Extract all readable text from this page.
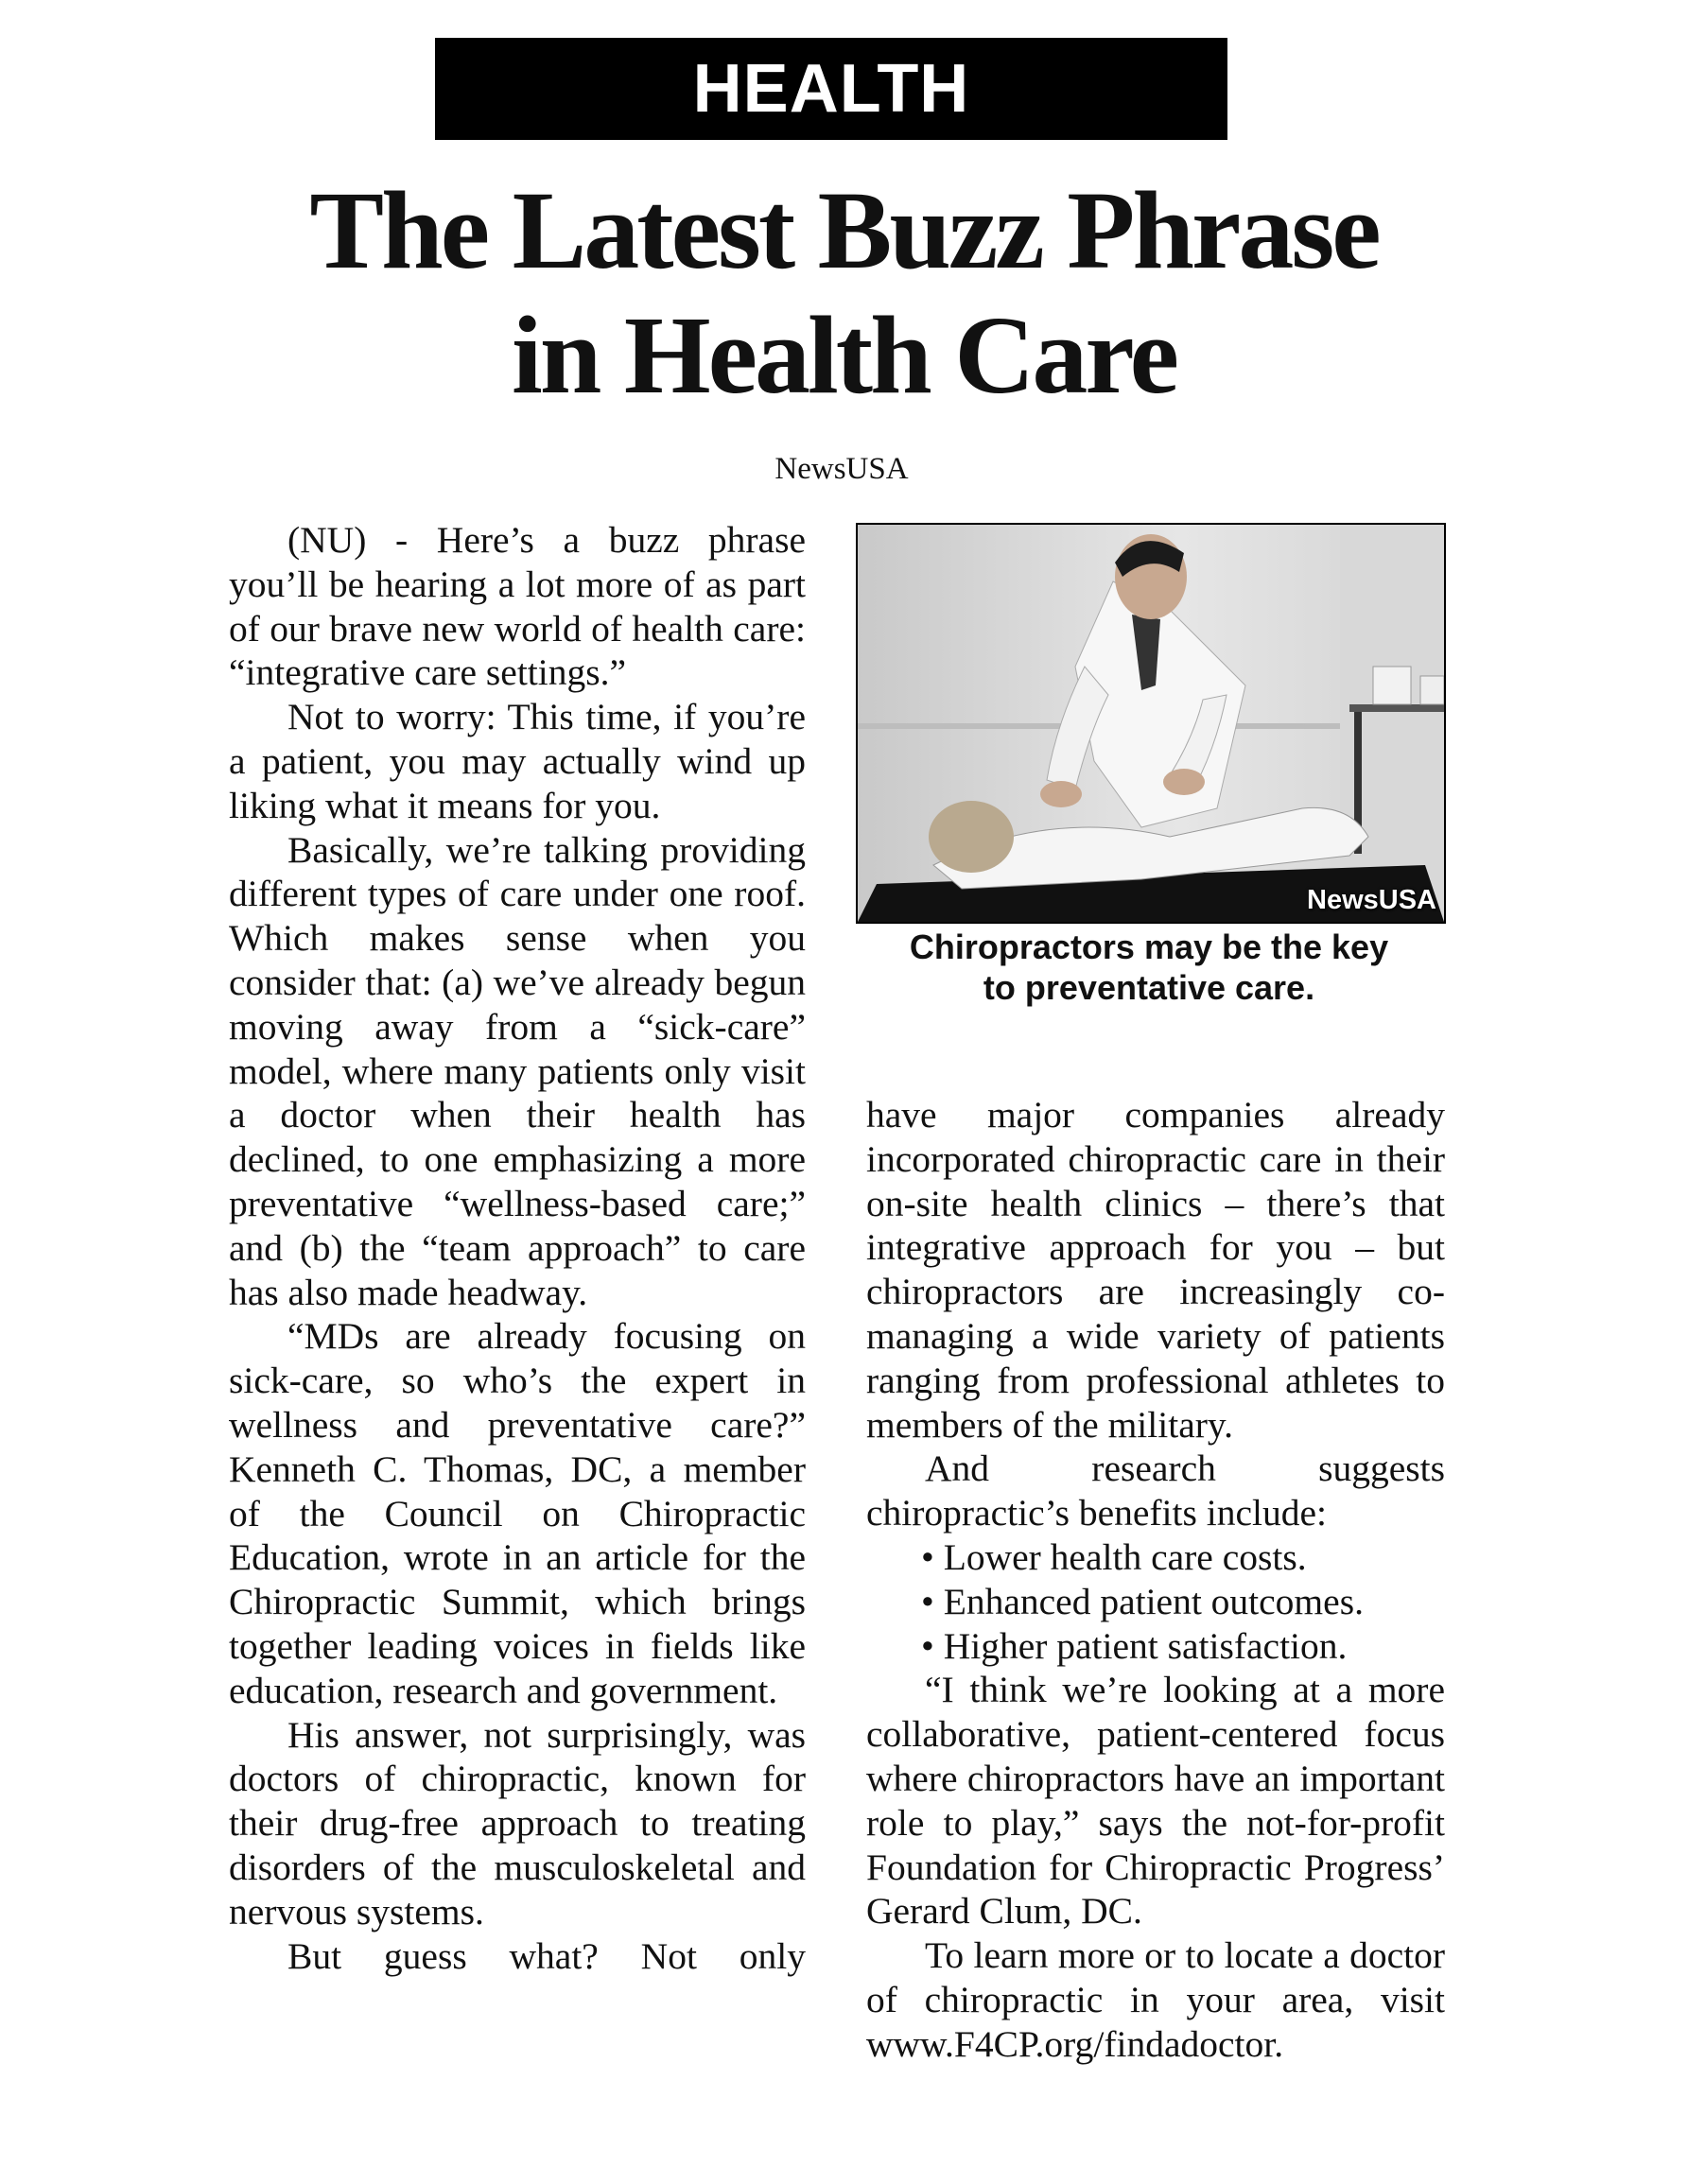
HEALTH
The Latest Buzz Phrase
in Health Care
NewsUSA

(NU) - Here’s a buzz phrase you’ll be hearing a lot more of as part of our brave new world of health care: “integrative care settings.”

Not to worry: This time, if you’re a patient, you may actually wind up liking what it means for you.

Basically, we’re talking providing different types of care under one roof. Which makes sense when you consider that: (a) we’ve already begun moving away from a “sick-care” model, where many patients only visit a doctor when their health has declined, to one emphasizing a more preventative “wellness-based care;” and (b) the “team approach” to care has also made headway.

“MDs are already focusing on sick-care, so who’s the expert in wellness and preventative care?” Kenneth C. Thomas, DC, a member of the Council on Chiropractic Education, wrote in an article for the Chiropractic Summit, which brings together leading voices in fields like education, research and government.

His answer, not surprisingly, was doctors of chiropractic, known for their drug-free approach to treating disorders of the musculoskeletal and nervous systems.

But guess what? Not only

NewsUSA
Chiropractors may be the key
to preventative care.

have major companies already incorporated chiropractic care in their on-site health clinics – there’s that integrative approach for you – but chiropractors are increasingly co-managing a wide variety of patients ranging from professional athletes to members of the military.

And research suggests chiropractic’s benefits include:

• Lower health care costs.
• Enhanced patient outcomes.
• Higher patient satisfaction.

“I think we’re looking at a more collaborative, patient-centered focus where chiropractors have an important role to play,” says the not-for-profit Foundation for Chiropractic Progress’ Gerard Clum, DC.

To learn more or to locate a doctor of chiropractic in your area, visit www.F4CP.org/findadoctor.
